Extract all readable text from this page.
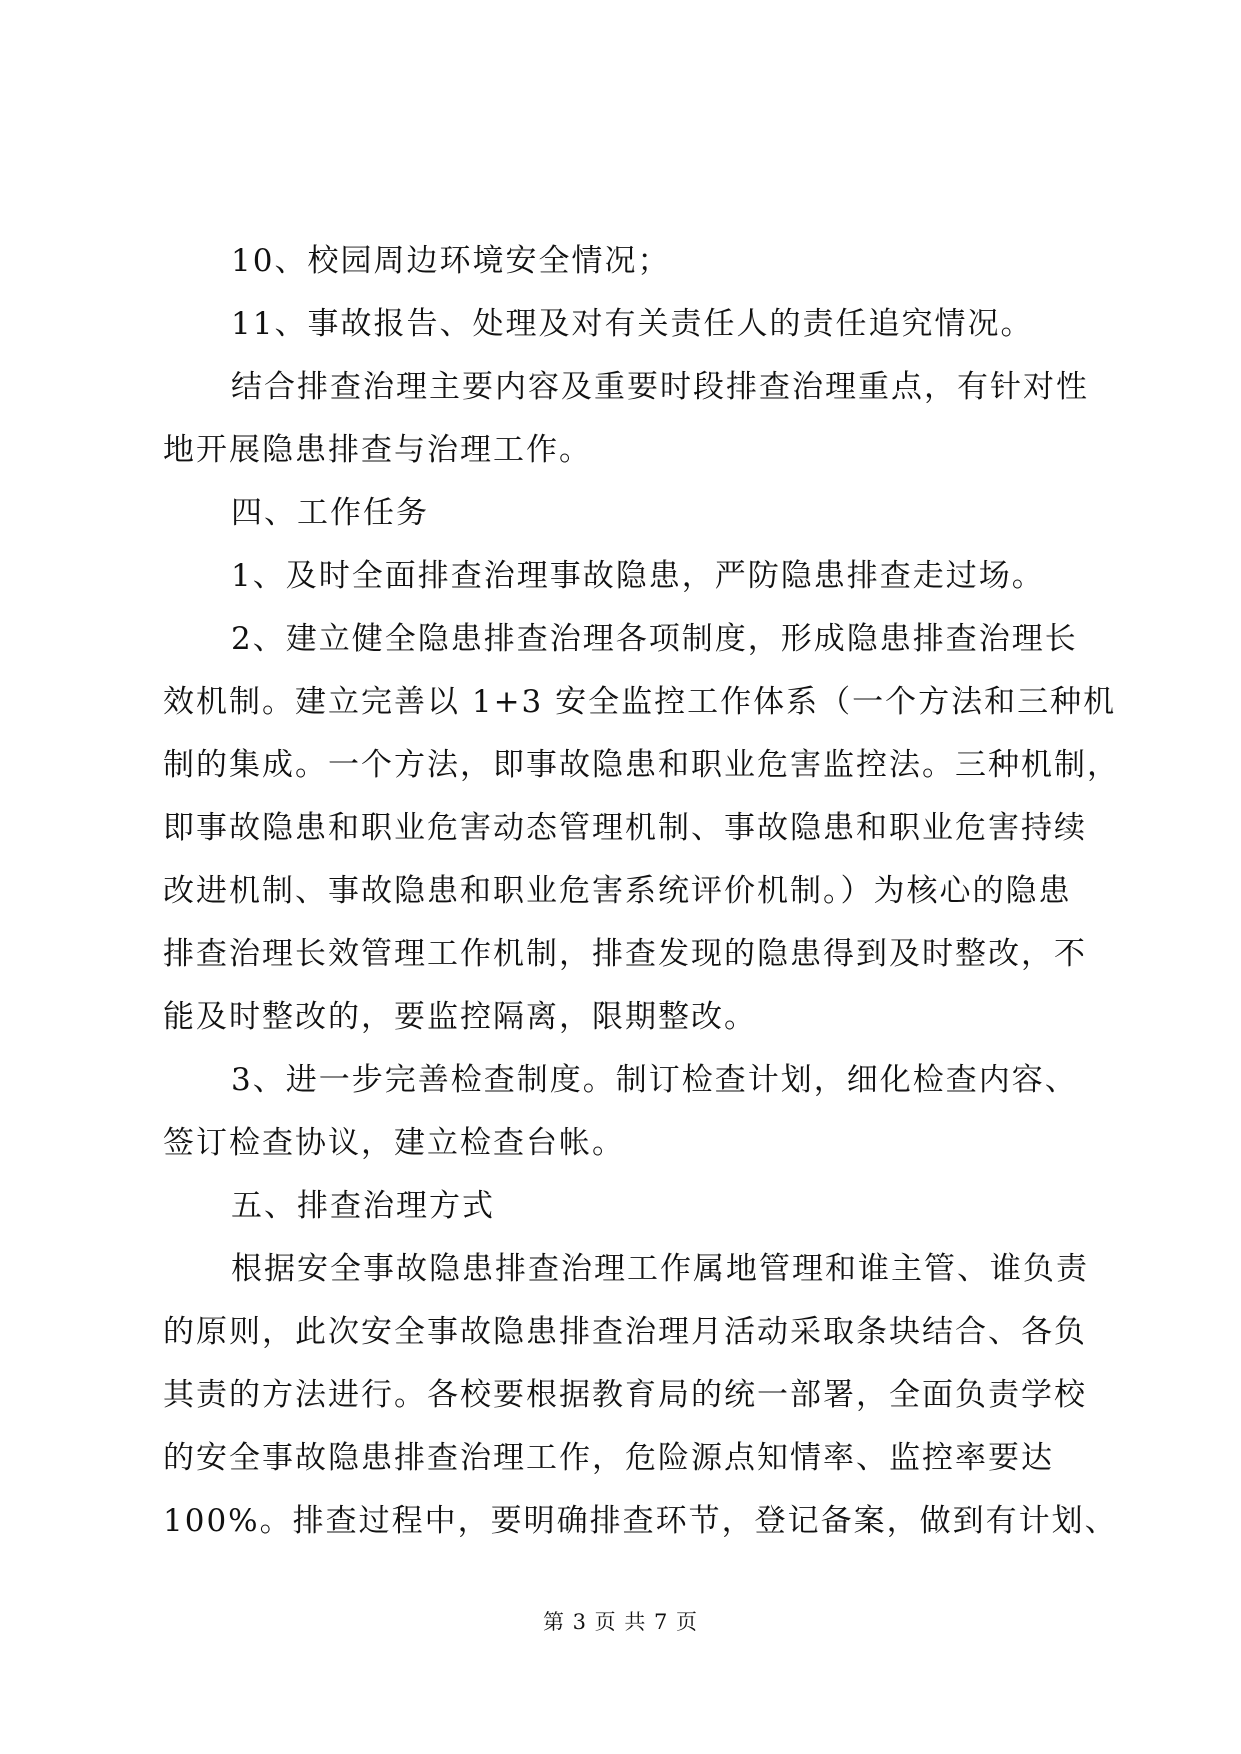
10、校园周边环境安全情况；
11、事故报告、处理及对有关责任人的责任追究情况。
结合排查治理主要内容及重要时段排查治理重点，有针对性
地开展隐患排查与治理工作。
四、工作任务
1、及时全面排查治理事故隐患，严防隐患排查走过场。
2、建立健全隐患排查治理各项制度，形成隐患排查治理长
效机制。建立完善以 1+3 安全监控工作体系（一个方法和三种机
制的集成。一个方法，即事故隐患和职业危害监控法。三种机制，
即事故隐患和职业危害动态管理机制、事故隐患和职业危害持续
改进机制、事故隐患和职业危害系统评价机制。）为核心的隐患
排查治理长效管理工作机制，排查发现的隐患得到及时整改，不
能及时整改的，要监控隔离，限期整改。
3、进一步完善检查制度。制订检查计划，细化检查内容、
签订检查协议，建立检查台帐。
五、排查治理方式
根据安全事故隐患排查治理工作属地管理和谁主管、谁负责
的原则，此次安全事故隐患排查治理月活动采取条块结合、各负
其责的方法进行。各校要根据教育局的统一部署，全面负责学校
的安全事故隐患排查治理工作，危险源点知情率、监控率要达
100%。排查过程中，要明确排查环节，登记备案，做到有计划、
第 3 页 共 7 页
